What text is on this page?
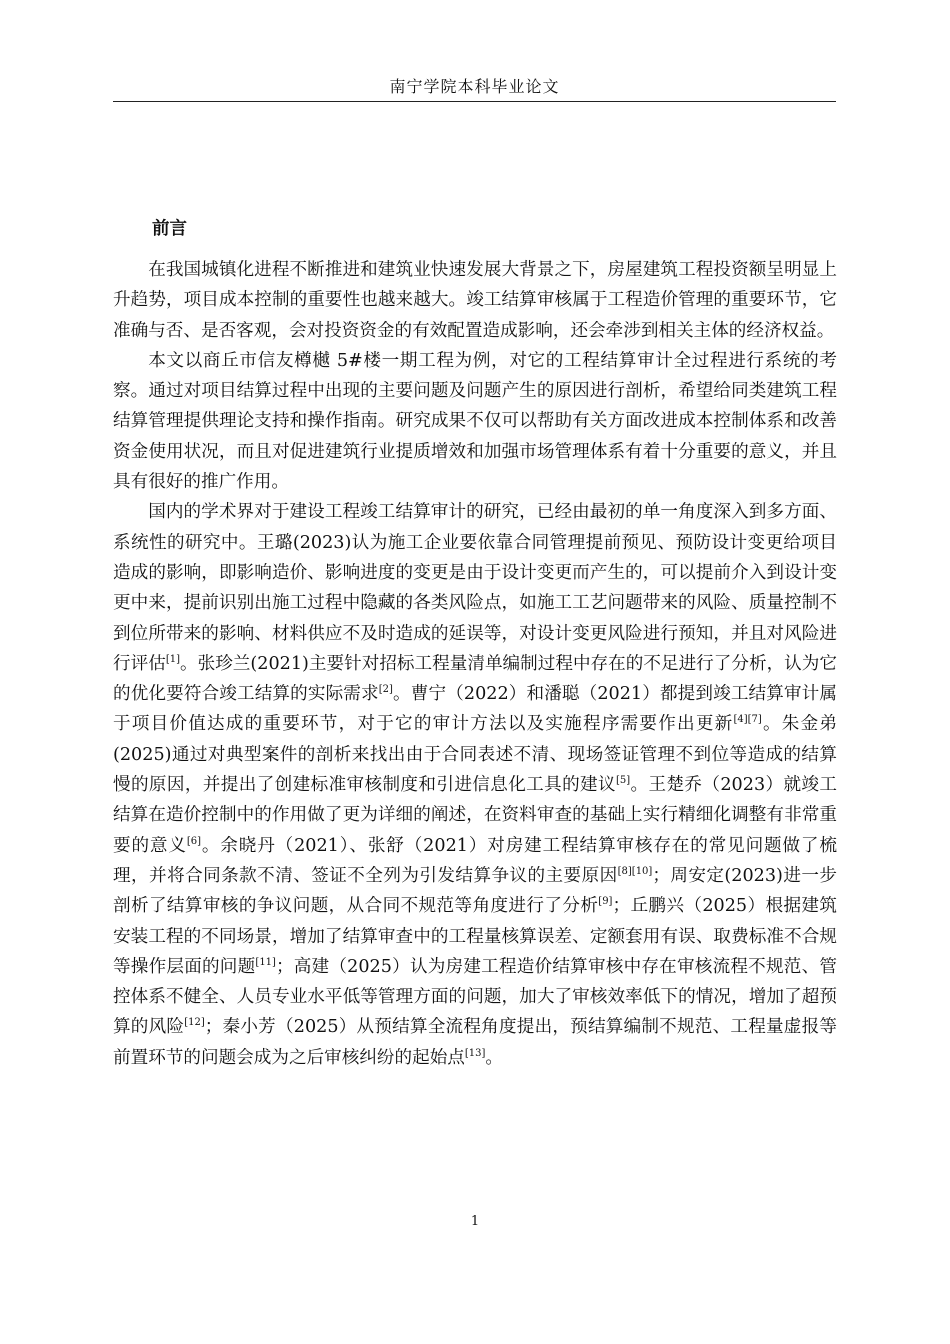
南宁学院本科毕业论文
前言

在我国城镇化进程不断推进和建筑业快速发展大背景之下，房屋建筑工程投资额呈明显上升趋势，项目成本控制的重要性也越来越大。竣工结算审核属于工程造价管理的重要环节，它准确与否、是否客观，会对投资资金的有效配置造成影响，还会牵涉到相关主体的经济权益。

本文以商丘市信友樽樾 5#楼一期工程为例，对它的工程结算审计全过程进行系统的考察。通过对项目结算过程中出现的主要问题及问题产生的原因进行剖析，希望给同类建筑工程结算管理提供理论支持和操作指南。研究成果不仅可以帮助有关方面改进成本控制体系和改善资金使用状况，而且对促进建筑行业提质增效和加强市场管理体系有着十分重要的意义，并且具有很好的推广作用。

国内的学术界对于建设工程竣工结算审计的研究，已经由最初的单一角度深入到多方面、系统性的研究中。王璐(2023)认为施工企业要依靠合同管理提前预见、预防设计变更给项目造成的影响，即影响造价、影响进度的变更是由于设计变更而产生的，可以提前介入到设计变更中来，提前识别出施工过程中隐藏的各类风险点，如施工工艺问题带来的风险、质量控制不到位所带来的影响、材料供应不及时造成的延误等，对设计变更风险进行预知，并且对风险进行评估[1]。张珍兰(2021)主要针对招标工程量清单编制过程中存在的不足进行了分析，认为它的优化要符合竣工结算的实际需求[2]。曹宁（2022）和潘聪（2021）都提到竣工结算审计属于项目价值达成的重要环节，对于它的审计方法以及实施程序需要作出更新[4][7]。朱金弟(2025)通过对典型案件的剖析来找出由于合同表述不清、现场签证管理不到位等造成的结算慢的原因，并提出了创建标准审核制度和引进信息化工具的建议[5]。王楚乔（2023）就竣工结算在造价控制中的作用做了更为详细的阐述，在资料审查的基础上实行精细化调整有非常重要的意义[6]。余晓丹（2021）、张舒（2021）对房建工程结算审核存在的常见问题做了梳理，并将合同条款不清、签证不全列为引发结算争议的主要原因[8][10]；周安定(2023)进一步剖析了结算审核的争议问题，从合同不规范等角度进行了分析[9]；丘鹏兴（2025）根据建筑安装工程的不同场景，增加了结算审查中的工程量核算误差、定额套用有误、取费标准不合规等操作层面的问题[11]；高建（2025）认为房建工程造价结算审核中存在审核流程不规范、管控体系不健全、人员专业水平低等管理方面的问题，加大了审核效率低下的情况，增加了超预算的风险[12]；秦小芳（2025）从预结算全流程角度提出，预结算编制不规范、工程量虚报等前置环节的问题会成为之后审核纠纷的起始点[13]。

1
